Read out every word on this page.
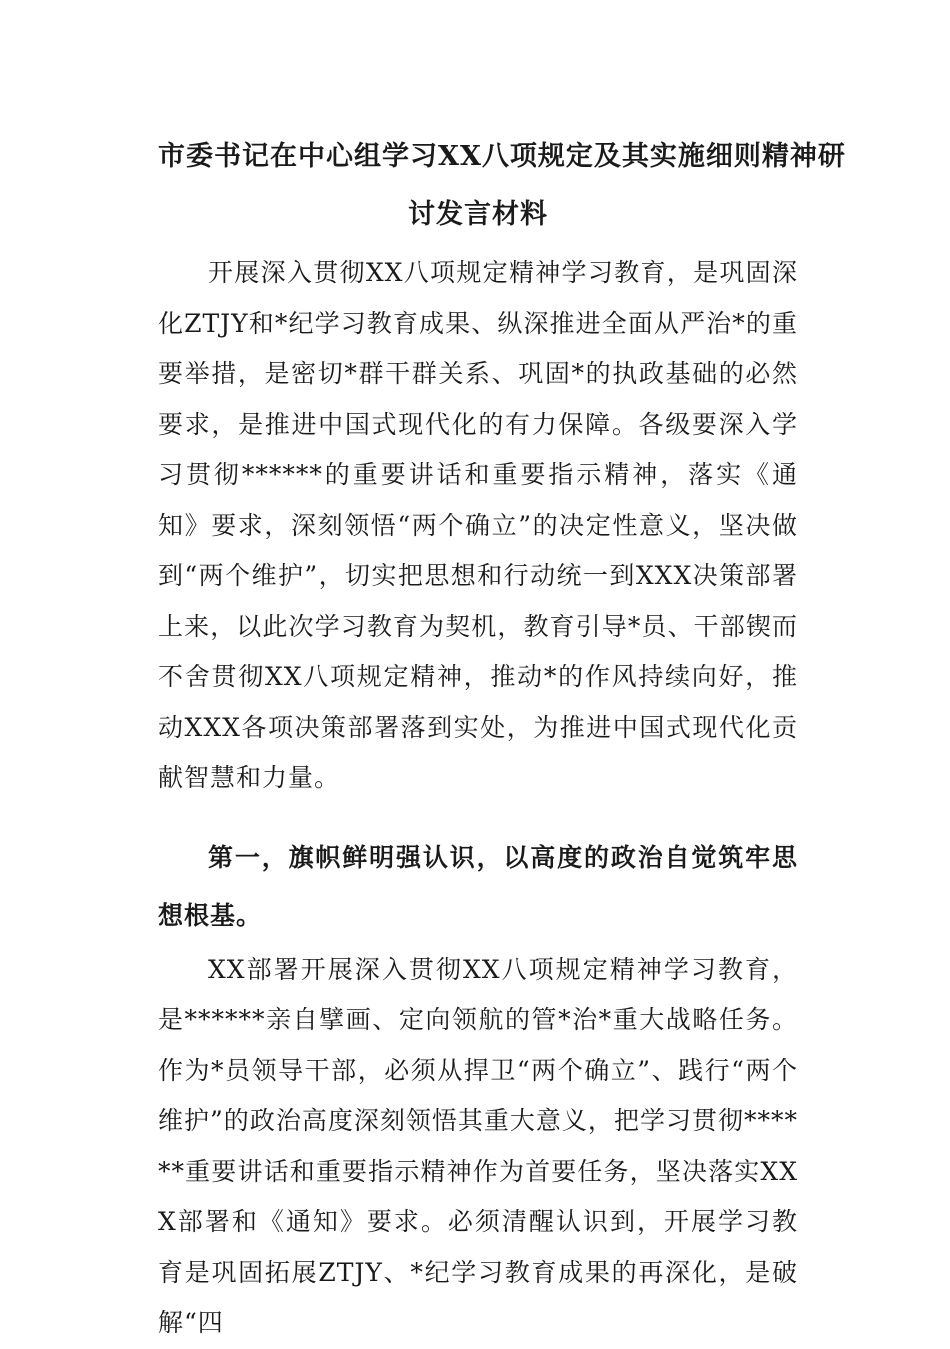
市委书记在中心组学习XX八项规定及其实施细则精神研
讨发言材料

开展深入贯彻XX八项规定精神学习教育，是巩固深化ZTJY和*纪学习教育成果、纵深推进全面从严治*的重要举措，是密切*群干群关系、巩固*的执政基础的必然要求，是推进中国式现代化的有力保障。各级要深入学习贯彻******的重要讲话和重要指示精神，落实《通知》要求，深刻领悟“两个确立”的决定性意义，坚决做到“两个维护”，切实把思想和行动统一到XXX决策部署上来，以此次学习教育为契机，教育引导*员、干部锲而不舍贯彻XX八项规定精神，推动*的作风持续向好，推动XXX各项决策部署落到实处，为推进中国式现代化贡献智慧和力量。

第一，旗帜鲜明强认识，以高度的政治自觉筑牢思想根基。

XX部署开展深入贯彻XX八项规定精神学习教育，是******亲自擘画、定向领航的管*治*重大战略任务。作为*员领导干部，必须从捍卫“两个确立”、践行“两个维护”的政治高度深刻领悟其重大意义，把学习贯彻******重要讲话和重要指示精神作为首要任务，坚决落实XXX部署和《通知》要求。必须清醒认识到，开展学习教育是巩固拓展ZTJY、*纪学习教育成果的再深化，是破解“四
